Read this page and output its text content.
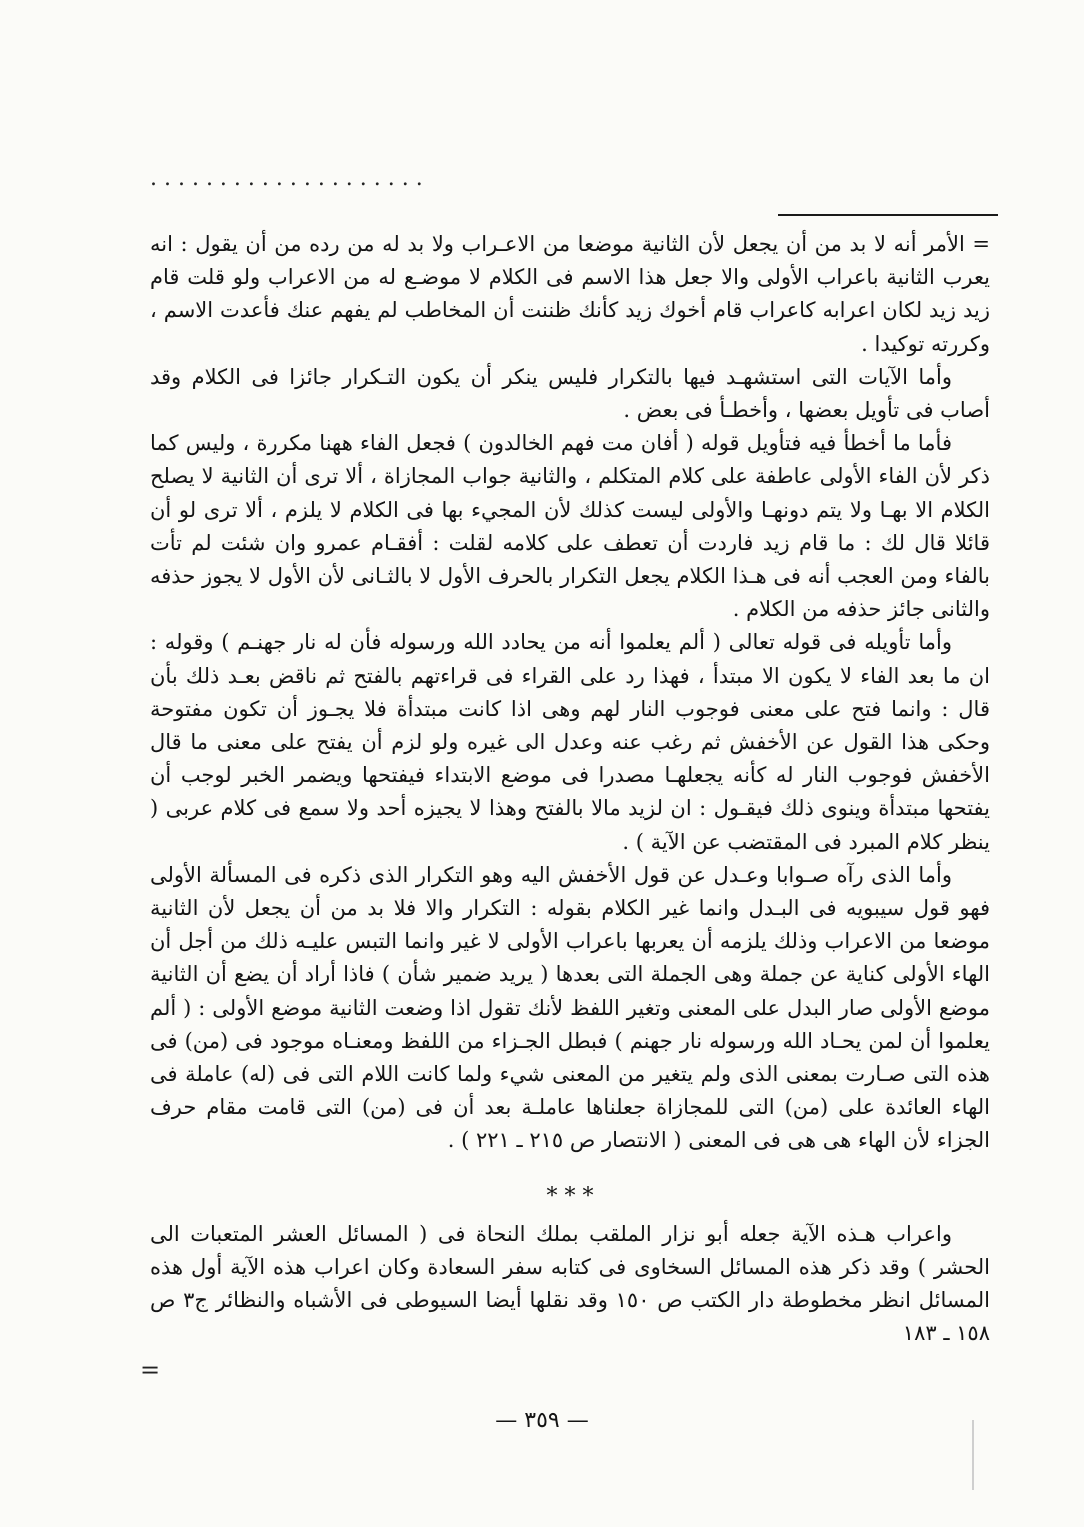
. . . . . . . . . . . . . . . . . . . .

= الأمر أنه لا بد من أن يجعل لأن الثانية موضعا من الاعـراب ولا بد له من رده من أن يقول : انه يعرب الثانية باعراب الأولى والا جعل هذا الاسم فى الكلام لا موضـع له من الاعراب ولو قلت قام زيد زيد لكان اعرابه كاعراب قام أخوك زيد كأنك ظننت أن المخاطب لم يفهم عنك فأعدت الاسم ، وكررته توكيدا .

وأما الآيات التى استشهـد فيها بالتكرار فليس ينكر أن يكون التـكرار جائزا فى الكلام وقد أصاب فى تأويل بعضها ، وأخطـأ فى بعض .

فأما ما أخطأ فيه فتأويل قوله ( أفان مت فهم الخالدون ) فجعل الفاء ههنا مكررة ، وليس كما ذكر لأن الفاء الأولى عاطفة على كلام المتكلم ، والثانية جواب المجازاة ، ألا ترى أن الثانية لا يصلح الكلام الا بهـا ولا يتم دونهـا والأولى ليست كذلك لأن المجيء بها فى الكلام لا يلزم ، ألا ترى لو أن قائلا قال لك : ما قام زيد فاردت أن تعطف على كلامه لقلت : أفقـام عمرو وان شئت لم تأت بالفاء ومن العجب أنه فى هـذا الكلام يجعل التكرار بالحرف الأول لا بالثـانى لأن الأول لا يجوز حذفه والثانى جائز حذفه من الكلام .

وأما تأويله فى قوله تعالى ( ألم يعلموا أنه من يحادد الله ورسوله فأن له نار جهنـم ) وقوله : ان ما بعد الفاء لا يكون الا مبتدأ ، فهذا رد على القراء فى قراءتهم بالفتح ثم ناقض بعـد ذلك بأن قال : وانما فتح على معنى فوجوب النار لهم وهى اذا كانت مبتدأة فلا يجـوز أن تكون مفتوحة وحكى هذا القول عن الأخفش ثم رغب عنه وعدل الى غيره ولو لزم أن يفتح على معنى ما قال الأخفش فوجوب النار له كأنه يجعلهـا مصدرا فى موضع الابتداء فيفتحها ويضمر الخبر لوجب أن يفتحها مبتدأة وينوى ذلك فيقـول : ان لزيد مالا بالفتح وهذا لا يجيزه أحد ولا سمع فى كلام عربى ( ينظر كلام المبرد فى المقتضب عن الآية ) .

وأما الذى رآه صـوابا وعـدل عن قول الأخفش اليه وهو التكرار الذى ذكره فى المسألة الأولى فهو قول سيبويه فى البـدل وانما غير الكلام بقوله : التكرار والا فلا بد من أن يجعل لأن الثانية موضعا من الاعراب وذلك يلزمه أن يعربها باعراب الأولى لا غير وانما التبس عليـه ذلك من أجل أن الهاء الأولى كناية عن جملة وهى الجملة التى بعدها ( يريد ضمير شأن ) فاذا أراد أن يضع أن الثانية موضع الأولى صار البدل على المعنى وتغير اللفظ لأنك تقول اذا وضعت الثانية موضع الأولى : ( ألم يعلموا أن لمن يحـاد الله ورسوله نار جهنم ) فبطل الجـزاء من اللفظ ومعنـاه موجود فى (من) فى هذه التى صـارت بمعنى الذى ولم يتغير من المعنى شيء ولما كانت اللام التى فى (له) عاملة فى الهاء العائدة على (من) التى للمجازاة جعلناها عاملـة بعد أن فى (من) التى قامت مقام حرف الجزاء لأن الهاء هى هى فى المعنى ( الانتصار ص ٢١٥ ـ ٢٢١ ) .

* * *

واعراب هـذه الآية جعله أبو نزار الملقب بملك النحاة فى ( المسائل العشر المتعبات الى الحشر ) وقد ذكر هذه المسائل السخاوى فى كتابه سفر السعادة وكان اعراب هذه الآية أول هذه المسائل انظر مخطوطة دار الكتب ص ١٥٠ وقد نقلها أيضا السيوطى فى الأشباه والنظائر ج٣ ص ١٥٨ ـ ١٨٣

=
— ٣٥٩ —
